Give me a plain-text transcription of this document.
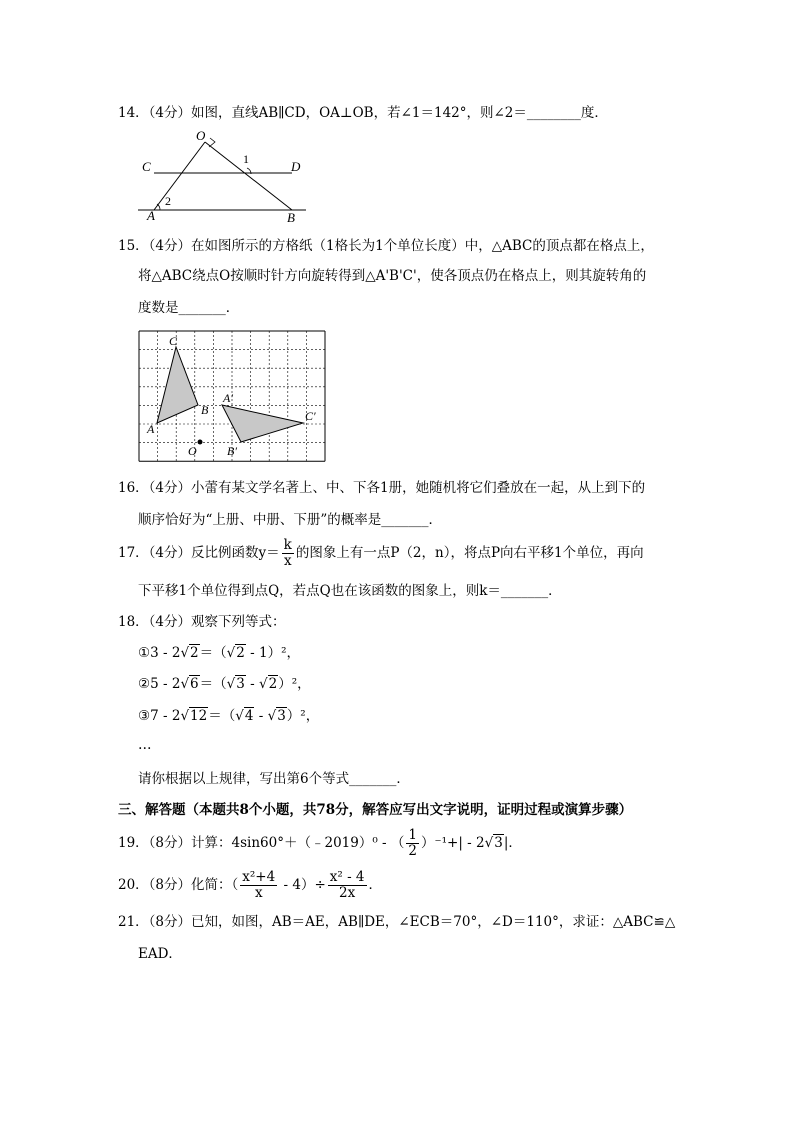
14．（4分）如图，直线AB∥CD，OA⊥OB，若∠1＝142°，则∠2＝________度．
O
C	D
A	B
1
2
15．（4分）在如图所示的方格纸（1格长为1个单位长度）中，△ABC的顶点都在格点上，
将△ABC绕点O按顺时针方向旋转得到△A'B'C'，使各顶点仍在格点上，则其旋转角的
度数是_______．
C
A
B
O
A′
B′
C′
16．（4分）小蕾有某文学名著上、中、下各1册，她随机将它们叠放在一起，从上到下的
顺序恰好为“上册、中册、下册”的概率是_______．
17．（4分）反比例函数$y= \frac{k}{x}$ 的图象上有一点P（2，n），将点P向右平移1个单位，再向
下平移1个单位得到点Q，若点Q也在该函数的图象上，则k＝_______．
18．（4分）观察下列等式：
①3 - 2√2＝（√2 - 1）²，
②5 - 2√6＝（√3 - √2）²，
③7 - 2√12＝（√4 - √3）²，
…
请你根据以上规律，写出第6个等式_______．
三、解答题（本题共8个小题，共78分，解答应写出文字说明，证明过程或演算步骤）
19．（8分）计算：4sin60°＋（﹣2019）⁰ - （ $\frac{1}{2} )^{-1}+| - 2√3|$．
20．（8分）化简：（ $\frac{\text{x²+4}}{x} - 4)\div \frac{\text{x² - 4}}{2x}$ ．
21．（8分）已知，如图，AB＝AE，AB∥DE，∠ECB＝70°，∠D＝110°，求证：△ABC≌△
EAD．
